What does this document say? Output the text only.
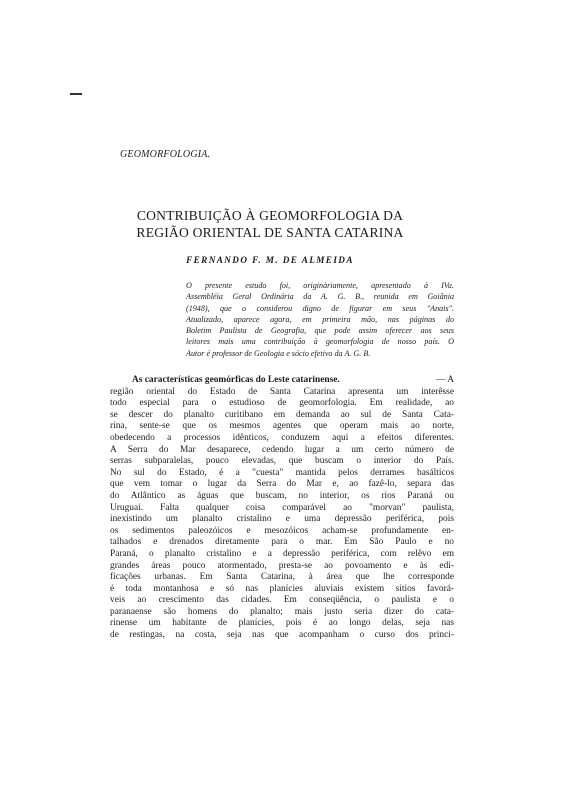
GEOMORFOLOGIA.
CONTRIBUIÇÃO À GEOMORFOLOGIA DA
REGIÃO ORIENTAL DE SANTA CATARINA
FERNANDO F. M. DE ALMEIDA
O presente estudo foi, originàriamente, apresentado à IVa.
Assembléia Geral Ordinária da A. G. B., reunida em Goiânia
(1948), que o considerou digno de figurar em seus "Anais".
Atualizado, aparece agora, em primeira mão, nas páginas do
Boletim Paulista de Geografia, que pode assim oferecer aos seus
leitores mais uma contribuição à geomorfologia de nosso país. O
Autor é professor de Geologia e sócio efetivo da A. G. B.
As características geomórficas do Leste catarinense.	— A
região oriental do Estado de Santa Catarina apresenta um interêsse
todo especial para o estudioso de geomorfologia. Em realidade, ao
se descer do planalto curitibano em demanda ao sul de Santa Cata-
rina, sente-se que os mesmos agentes que operam mais ao norte,
obedecendo a processos idênticos, conduzem aqui a efeitos diferentes.
A Serra do Mar desaparece, cedendo lugar a um certo número de
serras subparalelas, pouco elevadas, que buscam o interior do País.
No sul do Estado, é a "cuesta" mantida pelos derrames basálticos
que vem tomar o lugar da Serra do Mar e, ao fazê-lo, separa das
do Atlântico as águas que buscam, no interior, os rios Paraná ou
Uruguai. Falta qualquer coisa comparável ao "morvan" paulista,
inexistindo um planalto cristalino e uma depressão periférica, pois
os sedimentos paleozóicos e mesozóicos acham-se profundamente en-
talhados e drenados diretamente para o mar. Em São Paulo e no
Paraná, o planalto cristalino e a depressão periférica, com relêvo em
grandes áreas pouco atormentado, presta-se ao povoamento e às edi-
ficações urbanas. Em Santa Catarina, à área que lhe corresponde
é toda montanhosa e só nas planícies aluviais existem sítios favorá-
veis ao crescimento das cidades. Em conseqüência, o paulista e o
paranaense são homens do planalto; mais justo seria dizer do cata-
rinense um habitante de planícies, pois é ao longo delas, seja nas
de restingas, na costa, seja nas que acompanham o curso dos princi-
